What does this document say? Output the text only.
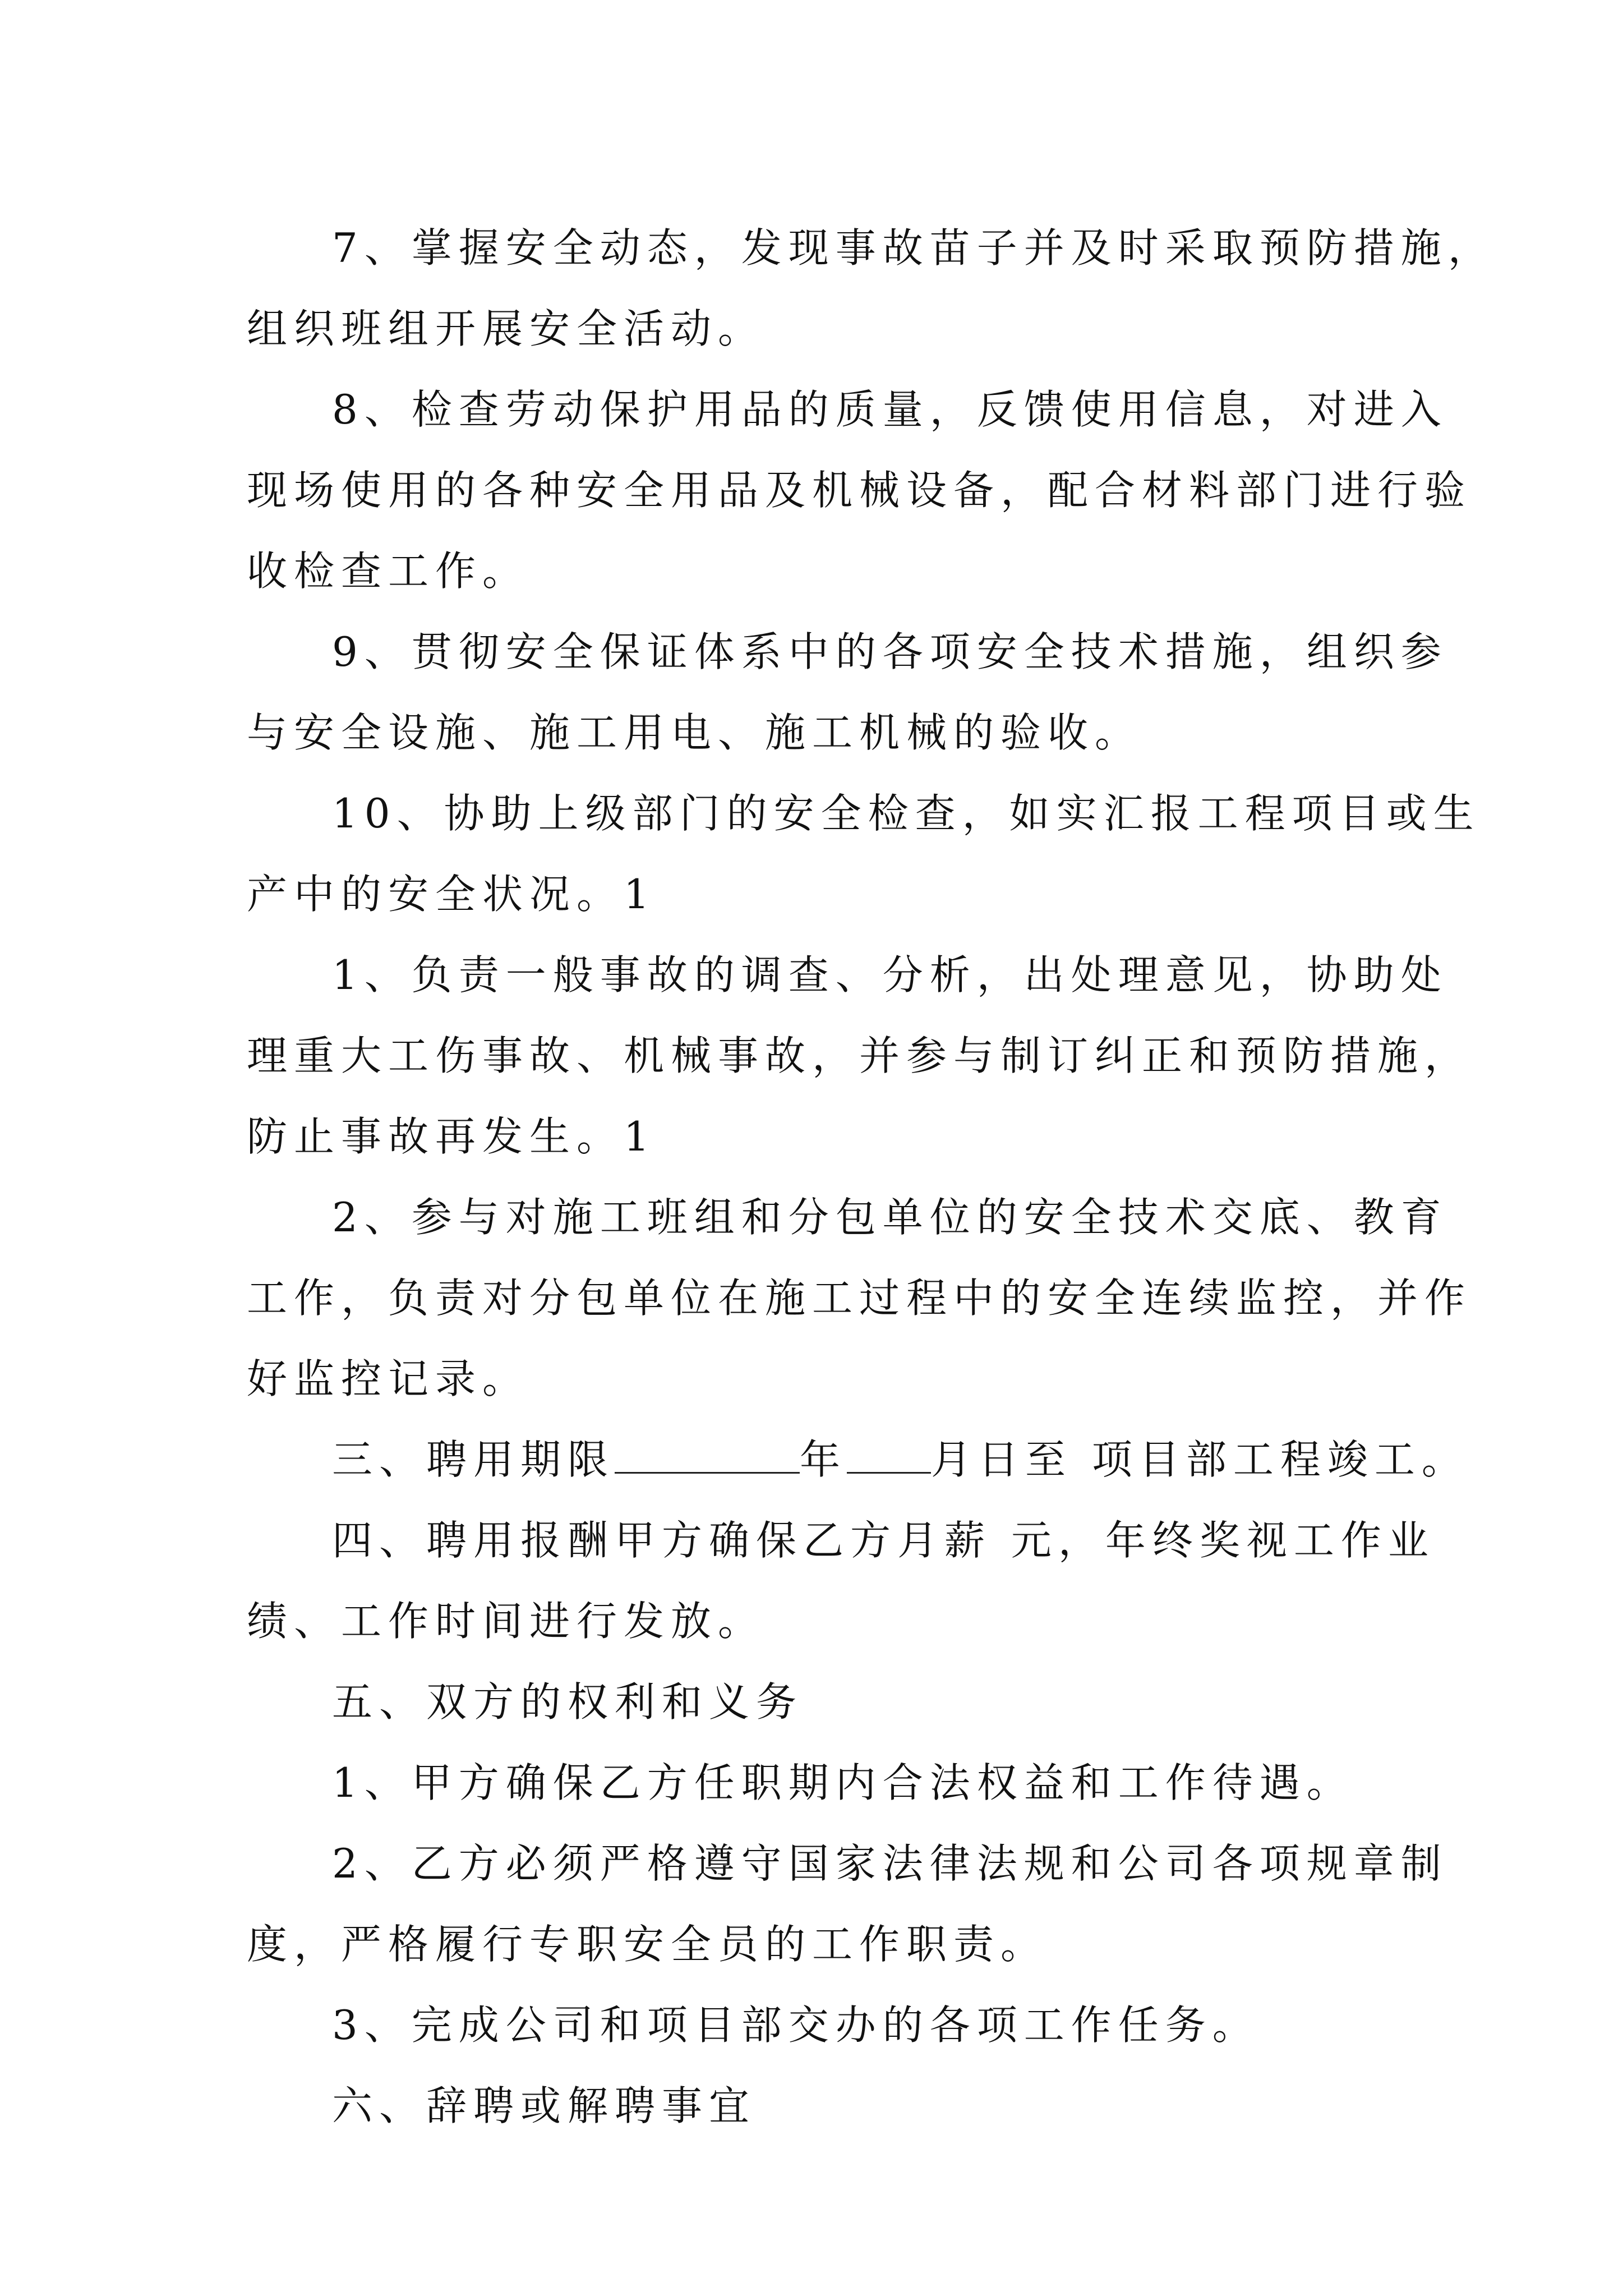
7、掌握安全动态，发现事故苗子并及时采取预防措施，
组织班组开展安全活动。
8、检查劳动保护用品的质量，反馈使用信息，对进入
现场使用的各种安全用品及机械设备，配合材料部门进行验
收检查工作。
9、贯彻安全保证体系中的各项安全技术措施，组织参
与安全设施、施工用电、施工机械的验收。
10、协助上级部门的安全检查，如实汇报工程项目或生
产中的安全状况。1
1、负责一般事故的调查、分析，出处理意见，协助处
理重大工伤事故、机械事故，并参与制订纠正和预防措施，
防止事故再发生。1
2、参与对施工班组和分包单位的安全技术交底、教育
工作，负责对分包单位在施工过程中的安全连续监控，并作
好监控记录。
三、聘用期限	年 月日至 项目部工程竣工。
四、聘用报酬甲方确保乙方月薪 元，年终奖视工作业
绩、工作时间进行发放。
五、双方的权利和义务
1、甲方确保乙方任职期内合法权益和工作待遇。
2、乙方必须严格遵守国家法律法规和公司各项规章制
度，严格履行专职安全员的工作职责。
3、完成公司和项目部交办的各项工作任务。
六、辞聘或解聘事宜
